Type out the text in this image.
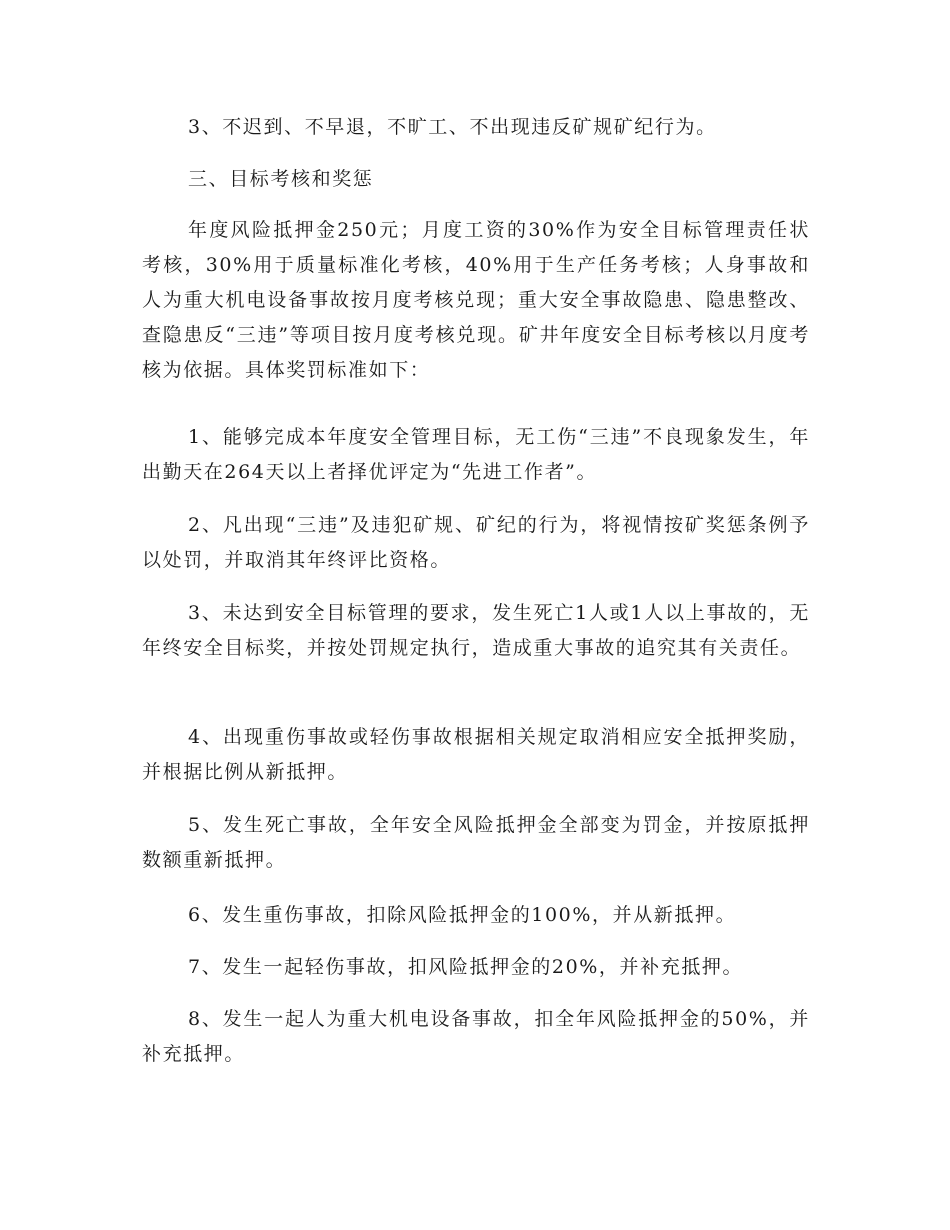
3、不迟到、不早退，不旷工、不出现违反矿规矿纪行为。

三、目标考核和奖惩

年度风险抵押金250元；月度工资的30%作为安全目标管理责任状考核，30%用于质量标准化考核，40%用于生产任务考核；人身事故和人为重大机电设备事故按月度考核兑现；重大安全事故隐患、隐患整改、查隐患反“三违”等项目按月度考核兑现。矿井年度安全目标考核以月度考核为依据。具体奖罚标准如下：

1、能够完成本年度安全管理目标，无工伤“三违”不良现象发生，年出勤天在264天以上者择优评定为“先进工作者”。

2、凡出现“三违”及违犯矿规、矿纪的行为，将视情按矿奖惩条例予以处罚，并取消其年终评比资格。

3、未达到安全目标管理的要求，发生死亡1人或1人以上事故的，无年终安全目标奖，并按处罚规定执行，造成重大事故的追究其有关责任。

4、出现重伤事故或轻伤事故根据相关规定取消相应安全抵押奖励，并根据比例从新抵押。

5、发生死亡事故，全年安全风险抵押金全部变为罚金，并按原抵押数额重新抵押。

6、发生重伤事故，扣除风险抵押金的100%，并从新抵押。

7、发生一起轻伤事故，扣风险抵押金的20%，并补充抵押。

8、发生一起人为重大机电设备事故，扣全年风险抵押金的50%，并补充抵押。
